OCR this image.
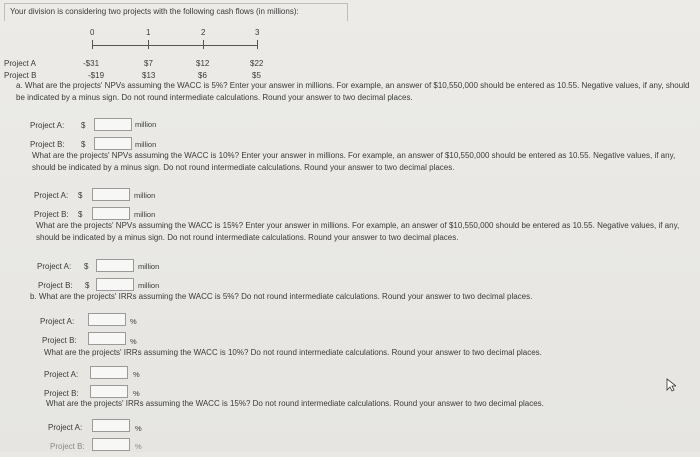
Your division is considering two projects with the following cash flows (in millions):
0	1	2	3
Project A	-$31	$7	$12	$22
Project B	-$19	$13	$6	$5
a. What are the projects' NPVs assuming the WACC is 5%? Enter your answer in millions. For example, an answer of $10,550,000 should be entered as 10.55. Negative values, if any, should be indicated by a minus sign. Do not round intermediate calculations. Round your answer to two decimal places.
Project A: $	million
Project B: $	million
What are the projects' NPVs assuming the WACC is 10%? Enter your answer in millions. For example, an answer of $10,550,000 should be entered as 10.55. Negative values, if any, should be indicated by a minus sign. Do not round intermediate calculations. Round your answer to two decimal places.
Project A: $	million
Project B: $	million
What are the projects' NPVs assuming the WACC is 15%? Enter your answer in millions. For example, an answer of $10,550,000 should be entered as 10.55. Negative values, if any, should be indicated by a minus sign. Do not round intermediate calculations. Round your answer to two decimal places.
Project A: $	million
Project B: $	million
b. What are the projects' IRRs assuming the WACC is 5%? Do not round intermediate calculations. Round your answer to two decimal places.
Project A:	%
Project B:	%
What are the projects' IRRs assuming the WACC is 10%? Do not round intermediate calculations. Round your answer to two decimal places.
Project A:	%
Project B:	%
What are the projects' IRRs assuming the WACC is 15%? Do not round intermediate calculations. Round your answer to two decimal places.
Project A:	%
Project B:	%
